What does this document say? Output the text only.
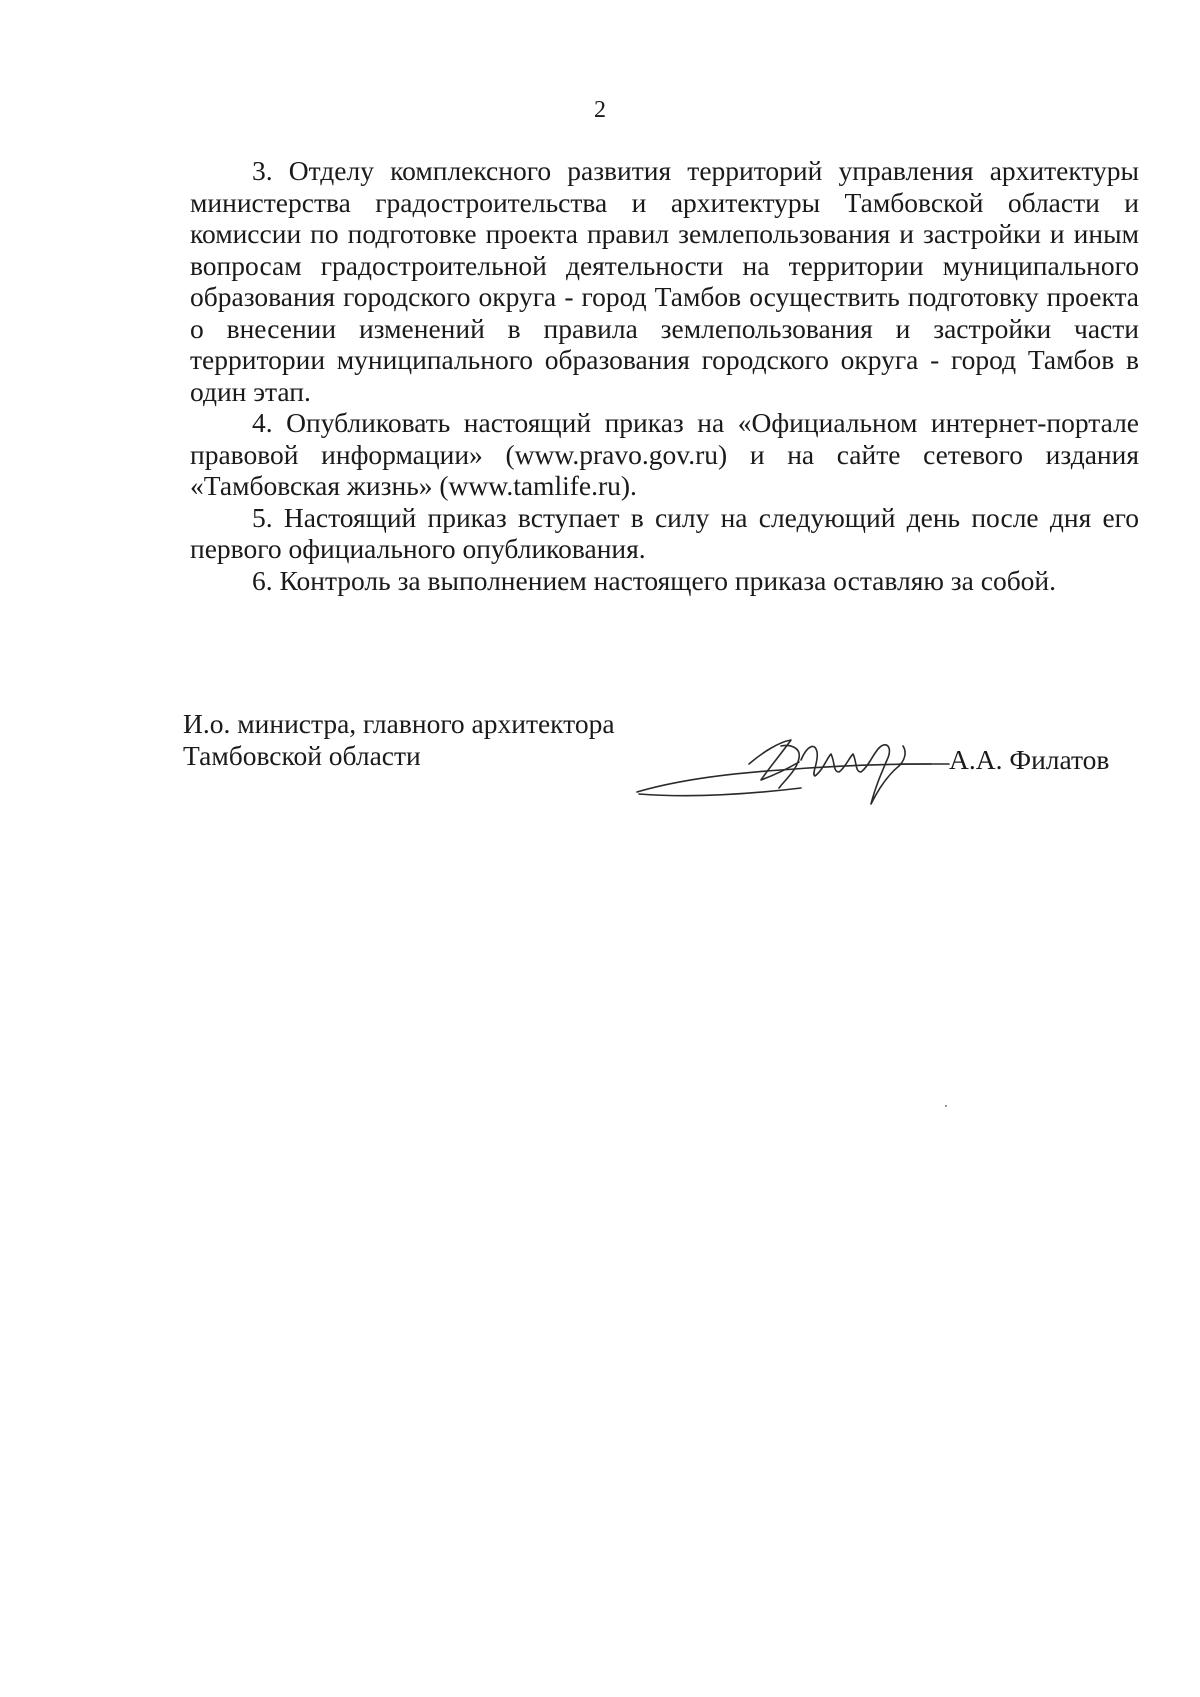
2

3. Отделу комплексного развития территорий управления архитектуры министерства градостроительства и архитектуры Тамбовской области и комиссии по подготовке проекта правил землепользования и застройки и иным вопросам градостроительной деятельности на территории муниципального образования городского округа - город Тамбов осуществить подготовку проекта о внесении изменений в правила землепользования и застройки части территории муниципального образования городского округа - город Тамбов в один этап.

4. Опубликовать настоящий приказ на «Официальном интернет-портале правовой информации» (www.pravo.gov.ru) и на сайте сетевого издания «Тамбовская жизнь» (www.tamlife.ru).

5. Настоящий приказ вступает в силу на следующий день после дня его первого официального опубликования.

6. Контроль за выполнением настоящего приказа оставляю за собой.

И.о. министра, главного архитектора
Тамбовской области	А.А. Филатов
